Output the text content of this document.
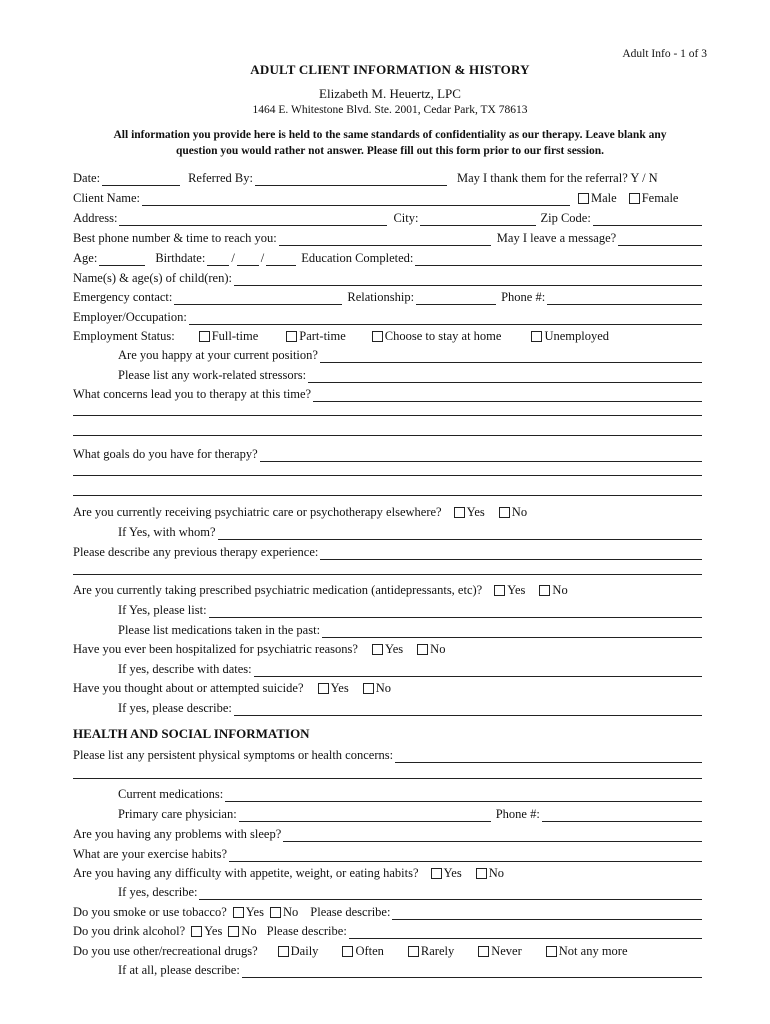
Adult Info - 1 of 3
ADULT CLIENT INFORMATION & HISTORY
Elizabeth M. Heuertz, LPC
1464 E. Whitestone Blvd. Ste. 2001, Cedar Park, TX 78613
All information you provide here is held to the same standards of confidentiality as our therapy. Leave blank any
question you would rather not answer. Please fill out this form prior to our first session.
Date:	Referred By:	May I thank them for the referral? Y / N
Client Name:	Male Female
Address:	City:	Zip Code:
Best phone number & time to reach you:	May I leave a message?
Age:	Birthdate: / /	Education Completed:
Name(s) & age(s) of child(ren):
Emergency contact:	Relationship:	Phone #:
Employer/Occupation:
Employment Status:	Full-time	Part-time	Choose to stay at home	Unemployed
Are you happy at your current position?
Please list any work-related stressors:
What concerns lead you to therapy at this time?
What goals do you have for therapy?
Are you currently receiving psychiatric care or psychotherapy elsewhere? Yes No
If Yes, with whom?
Please describe any previous therapy experience:
Are you currently taking prescribed psychiatric medication (antidepressants, etc)? Yes No
If Yes, please list:
Please list medications taken in the past:
Have you ever been hospitalized for psychiatric reasons? Yes No
If yes, describe with dates:
Have you thought about or attempted suicide? Yes No
If yes, please describe:
HEALTH AND SOCIAL INFORMATION
Please list any persistent physical symptoms or health concerns:
Current medications:
Primary care physician:	Phone #:
Are you having any problems with sleep?
What are your exercise habits?
Are you having any difficulty with appetite, weight, or eating habits? Yes No
If yes, describe:
Do you smoke or use tobacco? Yes No Please describe:
Do you drink alcohol? Yes No Please describe:
Do you use other/recreational drugs?	Daily	Often	Rarely	Never	Not any more
If at all, please describe:
